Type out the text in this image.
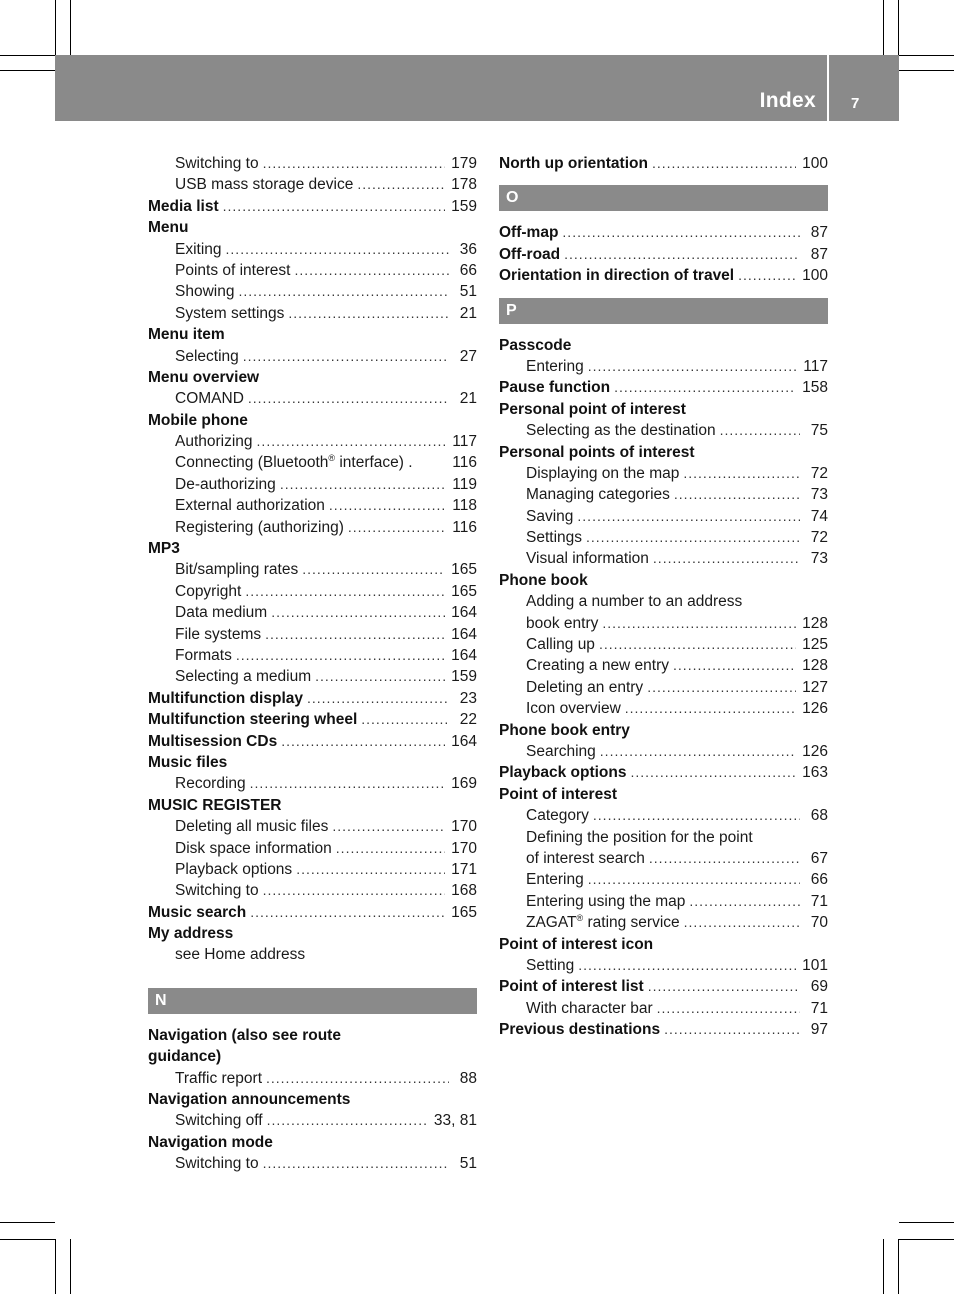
Index 7
Switching to .....	179
USB mass storage device .....	178
Media list .....	159
Menu
Exiting .....	36
Points of interest .....	66
Showing .....	51
System settings .....	21
Menu item
Selecting .....	27
Menu overview
COMAND .....	21
Mobile phone
Authorizing .....	117
Connecting (Bluetooth® interface) .	116
De-authorizing .....	119
External authorization .....	118
Registering (authorizing) .....	116
MP3
Bit/sampling rates .....	165
Copyright .....	165
Data medium .....	164
File systems .....	164
Formats .....	164
Selecting a medium .....	159
Multifunction display .....	23
Multifunction steering wheel .....	22
Multisession CDs .....	164
Music files
Recording .....	169
MUSIC REGISTER
Deleting all music files .....	170
Disk space information .....	170
Playback options .....	171
Switching to .....	168
Music search .....	165
My address
see Home address
N
Navigation (also see route
guidance)
Traffic report .....	88
Navigation announcements
Switching off .....	33, 81
Navigation mode
Switching to .....	51
North up orientation .....	100
O
Off-map .....	87
Off-road .....	87
Orientation in direction of travel .....	100
P
Passcode
Entering .....	117
Pause function .....	158
Personal point of interest
Selecting as the destination .....	75
Personal points of interest
Displaying on the map .....	72
Managing categories .....	73
Saving .....	74
Settings .....	72
Visual information .....	73
Phone book
Adding a number to an address
book entry .....	128
Calling up .....	125
Creating a new entry .....	128
Deleting an entry .....	127
Icon overview .....	126
Phone book entry
Searching .....	126
Playback options .....	163
Point of interest
Category .....	68
Defining the position for the point
of interest search .....	67
Entering .....	66
Entering using the map .....	71
ZAGAT® rating service .....	70
Point of interest icon
Setting .....	101
Point of interest list .....	69
With character bar .....	71
Previous destinations .....	97
